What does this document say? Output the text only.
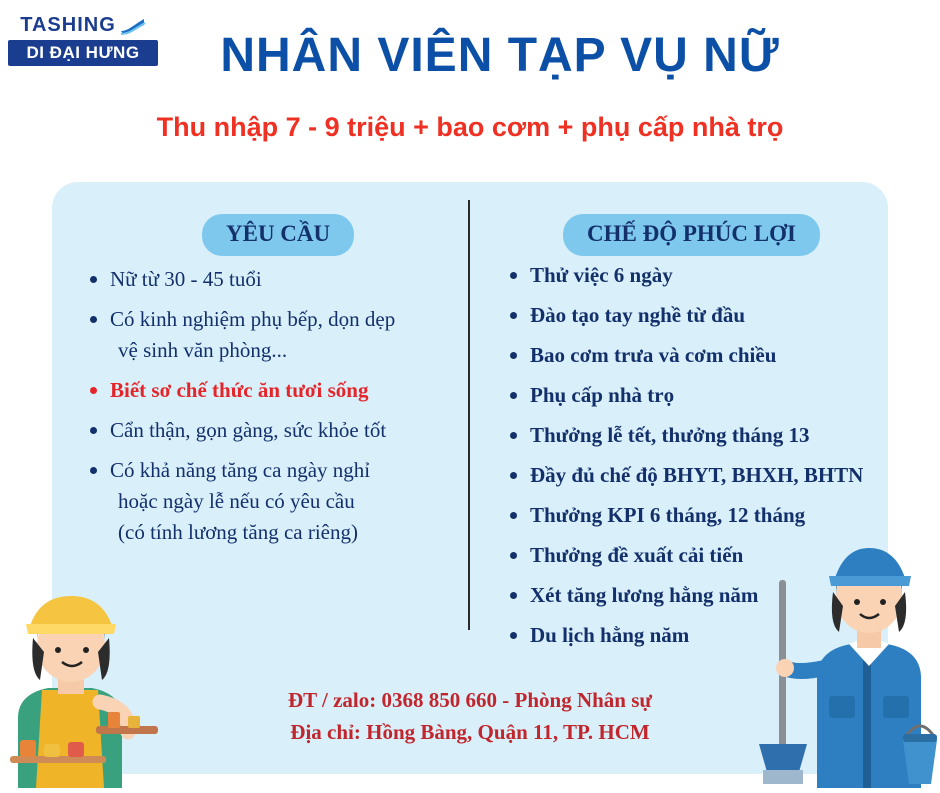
TASHING
DI ĐẠI HƯNG	NHÂN VIÊN TẠP VỤ NỮ
Thu nhập 7 - 9 triệu + bao cơm + phụ cấp nhà trọ
YÊU CẦU	CHẾ ĐỘ PHÚC LỢI
Nữ từ 30 - 45 tuổi
Có kinh nghiệm phụ bếp, dọn dẹp
vệ sinh văn phòng...
Biết sơ chế thức ăn tươi sống
Cẩn thận, gọn gàng, sức khỏe tốt
Có khả năng tăng ca ngày nghỉ
hoặc ngày lễ nếu có yêu cầu
(có tính lương tăng ca riêng)
Thử việc 6 ngày
Đào tạo tay nghề từ đầu
Bao cơm trưa và cơm chiều
Phụ cấp nhà trọ
Thưởng lễ tết, thưởng tháng 13
Đầy đủ chế độ BHYT, BHXH, BHTN
Thưởng KPI 6 tháng, 12 tháng
Thưởng đề xuất cải tiến
Xét tăng lương hằng năm
Du lịch hằng năm
ĐT / zalo: 0368 850 660 - Phòng Nhân sự
Địa chỉ: Hồng Bàng, Quận 11, TP. HCM
